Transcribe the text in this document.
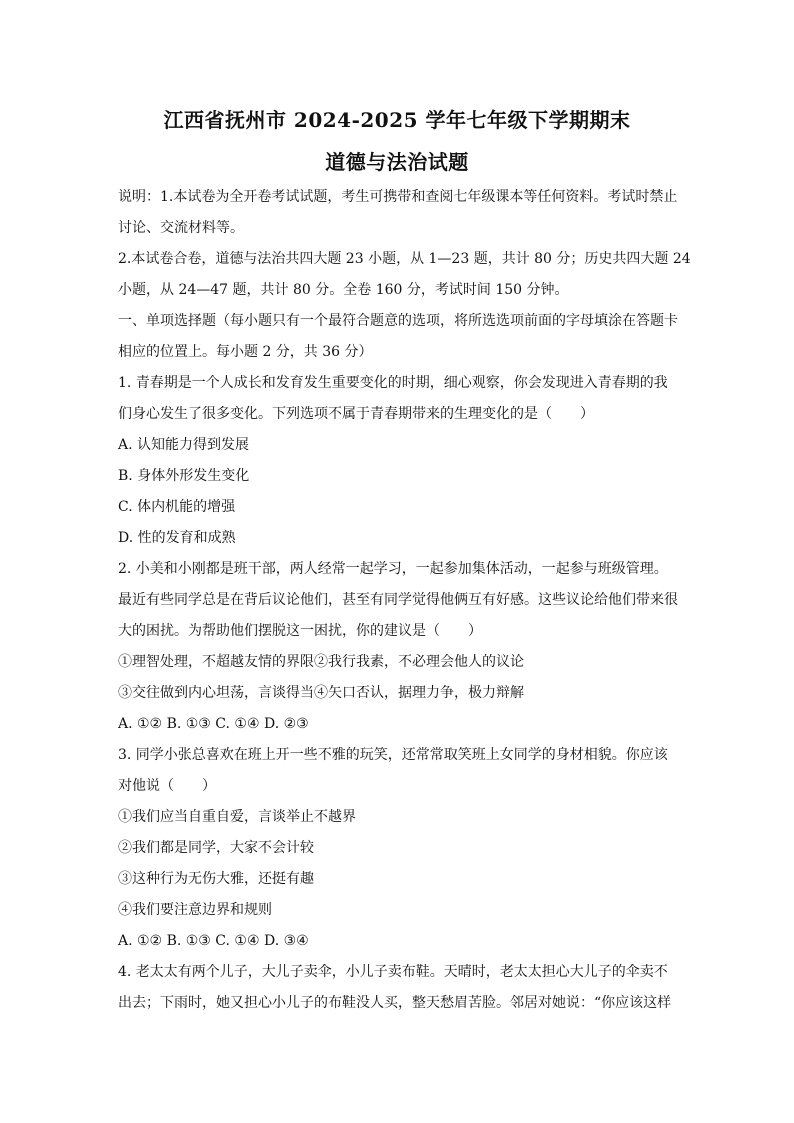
江西省抚州市 2024-2025 学年七年级下学期期末
道德与法治试题
说明：1.本试卷为全开卷考试试题，考生可携带和查阅七年级课本等任何资料。考试时禁止
讨论、交流材料等。
2.本试卷合卷，道德与法治共四大题 23 小题，从 1—23 题，共计 80 分；历史共四大题 24
小题，从 24—47 题，共计 80 分。全卷 160 分，考试时间 150 分钟。
一、单项选择题（每小题只有一个最符合题意的选项，将所选选项前面的字母填涂在答题卡
相应的位置上。每小题 2 分，共 36 分）
1. 青春期是一个人成长和发育发生重要变化的时期，细心观察，你会发现进入青春期的我
们身心发生了很多变化。下列选项不属于青春期带来的生理变化的是（　　）
A. 认知能力得到发展
B. 身体外形发生变化
C. 体内机能的增强
D. 性的发育和成熟
2. 小美和小刚都是班干部，两人经常一起学习，一起参加集体活动，一起参与班级管理。
最近有些同学总是在背后议论他们，甚至有同学觉得他俩互有好感。这些议论给他们带来很
大的困扰。为帮助他们摆脱这一困扰，你的建议是（　　）
①理智处理，不超越友情的界限②我行我素，不必理会他人的议论
③交往做到内心坦荡，言谈得当④矢口否认，据理力争，极力辩解
A. ①② B. ①③ C. ①④ D. ②③
3. 同学小张总喜欢在班上开一些不雅的玩笑，还常常取笑班上女同学的身材相貌。你应该
对他说（　　）
①我们应当自重自爱，言谈举止不越界
②我们都是同学，大家不会计较
③这种行为无伤大雅，还挺有趣
④我们要注意边界和规则
A. ①② B. ①③ C. ①④ D. ③④
4. 老太太有两个儿子，大儿子卖伞，小儿子卖布鞋。天晴时，老太太担心大儿子的伞卖不
出去；下雨时，她又担心小儿子的布鞋没人买，整天愁眉苦脸。邻居对她说：“你应该这样
